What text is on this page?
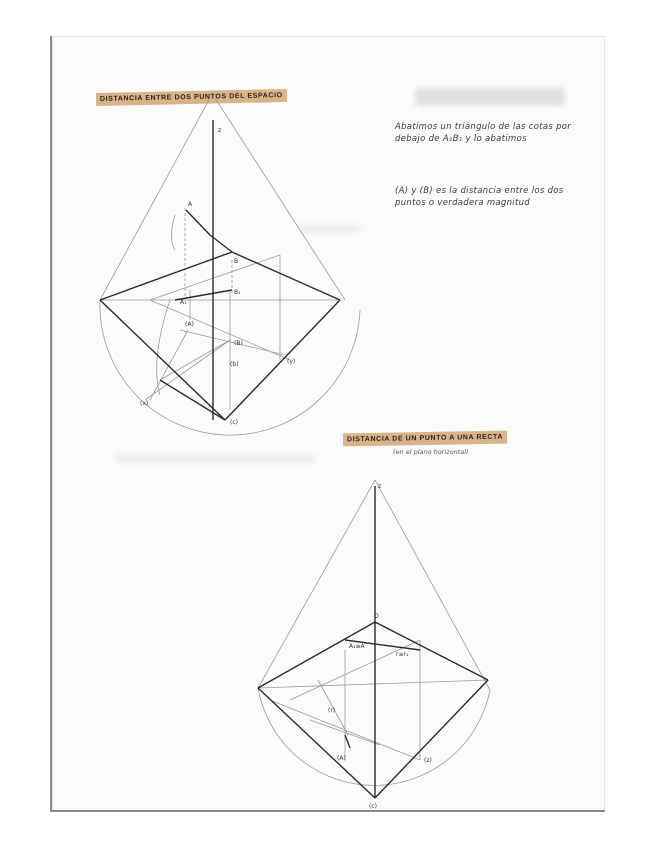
DISTANCIA ENTRE DOS PUNTOS DEL ESPACIO
Abatimos un triángulo de las cotas por debajo de A₁B₁ y lo abatimos
(A) y (B) es la distancia entre los dos puntos o verdadera magnitud
DISTANCIA DE UN PUNTO A UNA RECTA
(en el plano horizontal)
z
A
B
A₁
B₁
(A)
(B)
(b)
(x)
(y)
(c)
z
O
A₁≡A
r≡r₁
(r)
(A)	(z)
(c)
